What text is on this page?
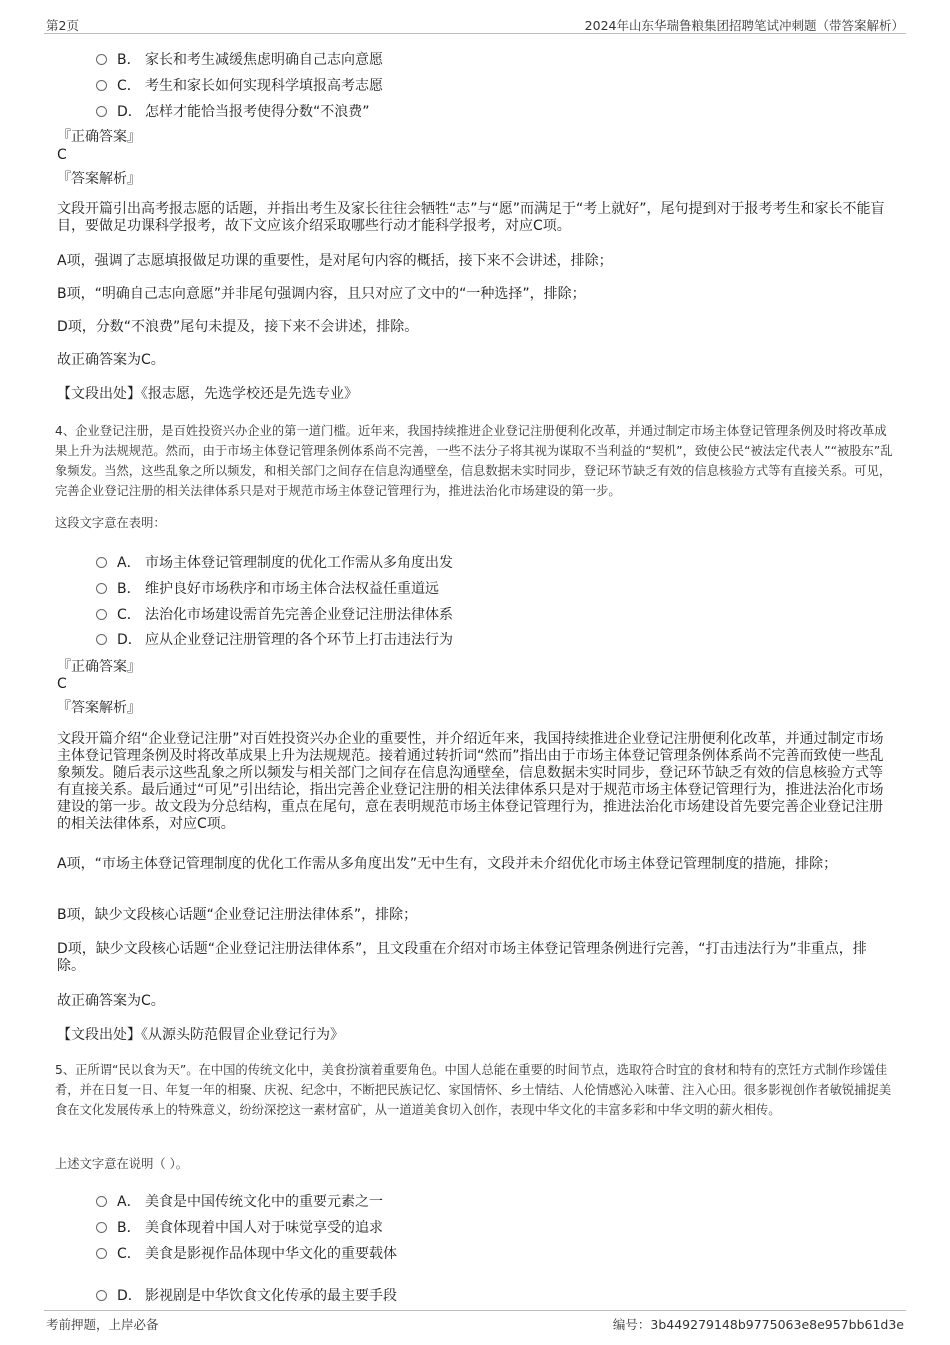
第2页	2024年山东华瑞鲁粮集团招聘笔试冲刺题（带答案解析）
B． 家长和考生减缓焦虑明确自己志向意愿
C． 考生和家长如何实现科学填报高考志愿
D． 怎样才能恰当报考使得分数“不浪费”
『正确答案』
C
『答案解析』
文段开篇引出高考报志愿的话题，并指出考生及家长往往会牺牲“志”与“愿”而满足于“考上就好”，尾句提到对于报考考生和家长不能盲目，要做足功课科学报考，故下文应该介绍采取哪些行动才能科学报考，对应C项。
A项，强调了志愿填报做足功课的重要性，是对尾句内容的概括，接下来不会讲述，排除；
B项，“明确自己志向意愿”并非尾句强调内容，且只对应了文中的“一种选择”，排除；
D项，分数“不浪费”尾句未提及，接下来不会讲述，排除。
故正确答案为C。
【文段出处】《报志愿，先选学校还是先选专业》
4、企业登记注册，是百姓投资兴办企业的第一道门槛。近年来，我国持续推进企业登记注册便利化改革，并通过制定市场主体登记管理条例及时将改革成果上升为法规规范。然而，由于市场主体登记管理条例体系尚不完善，一些不法分子将其视为谋取不当利益的“契机”，致使公民“被法定代表人”“被股东”乱象频发。当然，这些乱象之所以频发，和相关部门之间存在信息沟通壁垒，信息数据未实时同步，登记环节缺乏有效的信息核验方式等有直接关系。可见，完善企业登记注册的相关法律体系只是对于规范市场主体登记管理行为，推进法治化市场建设的第一步。
这段文字意在表明：
A． 市场主体登记管理制度的优化工作需从多角度出发
B． 维护良好市场秩序和市场主体合法权益任重道远
C． 法治化市场建设需首先完善企业登记注册法律体系
D． 应从企业登记注册管理的各个环节上打击违法行为
『正确答案』
C
『答案解析』
文段开篇介绍“企业登记注册”对百姓投资兴办企业的重要性，并介绍近年来，我国持续推进企业登记注册便利化改革，并通过制定市场主体登记管理条例及时将改革成果上升为法规规范。接着通过转折词“然而”指出由于市场主体登记管理条例体系尚不完善而致使一些乱象频发。随后表示这些乱象之所以频发与相关部门之间存在信息沟通壁垒，信息数据未实时同步，登记环节缺乏有效的信息核验方式等有直接关系。最后通过“可见”引出结论，指出完善企业登记注册的相关法律体系只是对于规范市场主体登记管理行为，推进法治化市场建设的第一步。故文段为分总结构，重点在尾句，意在表明规范市场主体登记管理行为，推进法治化市场建设首先要完善企业登记注册的相关法律体系，对应C项。
A项，“市场主体登记管理制度的优化工作需从多角度出发”无中生有，文段并未介绍优化市场主体登记管理制度的措施，排除；
B项，缺少文段核心话题“企业登记注册法律体系”，排除；
D项，缺少文段核心话题“企业登记注册法律体系”，且文段重在介绍对市场主体登记管理条例进行完善，“打击违法行为”非重点，排除。
故正确答案为C。
【文段出处】《从源头防范假冒企业登记行为》
5、正所谓“民以食为天”。在中国的传统文化中，美食扮演着重要角色。中国人总能在重要的时间节点，选取符合时宜的食材和特有的烹饪方式制作珍馐佳肴，并在日复一日、年复一年的相聚、庆祝、纪念中，不断把民族记忆、家国情怀、乡土情结、人伦情感沁入味蕾、注入心田。很多影视创作者敏锐捕捉美食在文化发展传承上的特殊意义，纷纷深挖这一素材富矿，从一道道美食切入创作，表现中华文化的丰富多彩和中华文明的薪火相传。
上述文字意在说明（ ）。
A． 美食是中国传统文化中的重要元素之一
B． 美食体现着中国人对于味觉享受的追求
C． 美食是影视作品体现中华文化的重要载体
D． 影视剧是中华饮食文化传承的最主要手段
考前押题，上岸必备	编号：3b449279148b9775063e8e957bb61d3e
